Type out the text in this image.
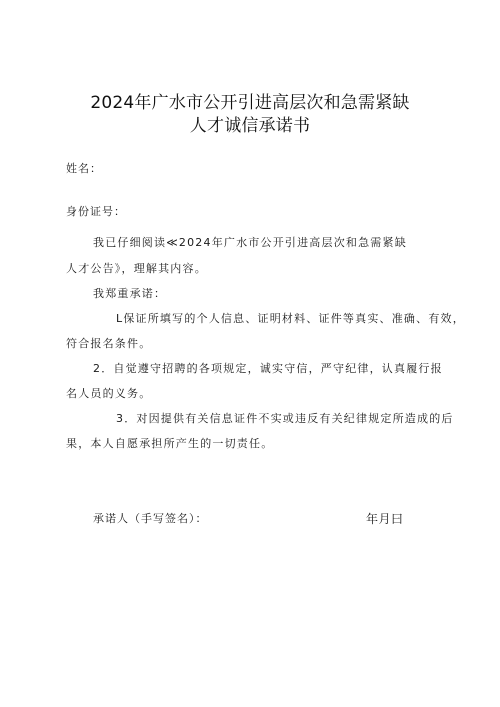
2024年广水市公开引进高层次和急需紧缺
人才诚信承诺书
姓名：
身份证号：
我已仔细阅读≪2024年广水市公开引进高层次和急需紧缺
人才公告》，理解其内容。
我郑重承诺：
L保证所填写的个人信息、证明材料、证件等真实、准确、有效，
符合报名条件。
2．自觉遵守招聘的各项规定，诚实守信，严守纪律，认真履行报
名人员的义务。
3．对因提供有关信息证件不实或违反有关纪律规定所造成的后
果，本人自愿承担所产生的一切责任。
承诺人（手写签名）：	年月曰
